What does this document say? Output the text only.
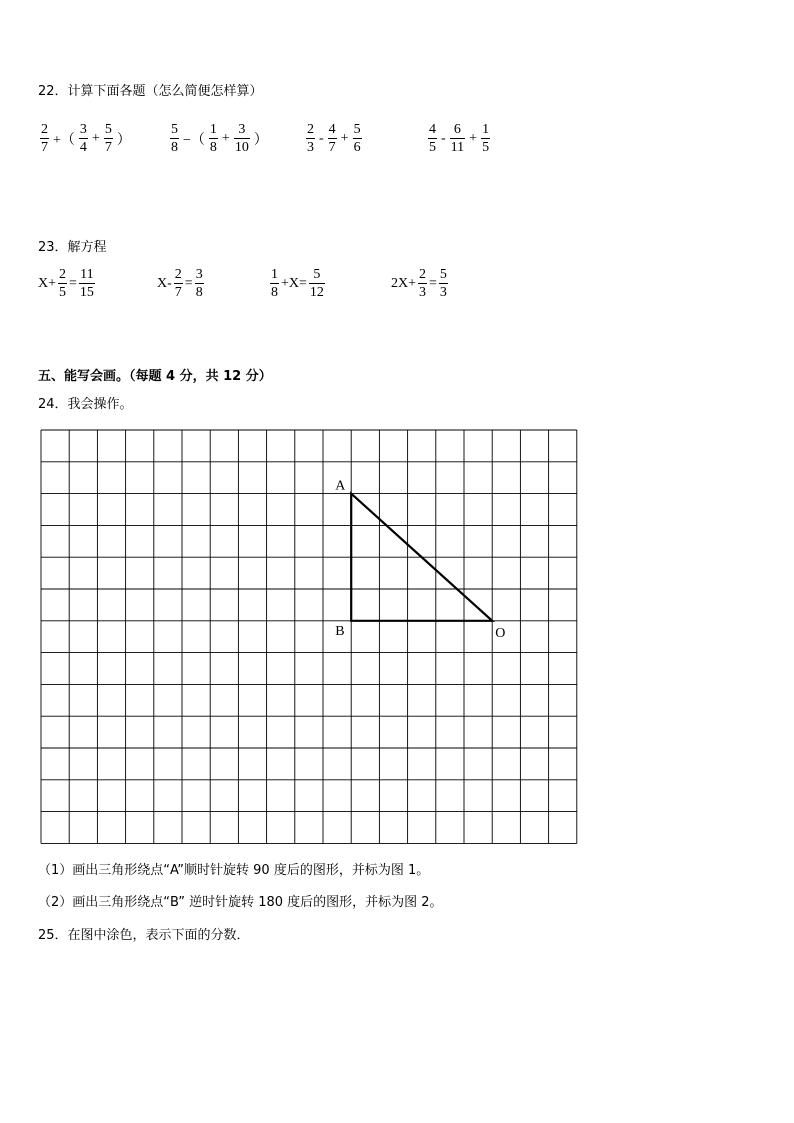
22．计算下面各题（怎么简便怎样算）
$\frac{2}{7}$ +（ $\frac{3}{4} + \frac{5}{7}$ ）	$\frac{5}{8}$ −（ $\frac{1}{8} + \frac{3}{10}$ ）	$\frac{2}{3} - \frac{4}{7} + \frac{5}{6}$	$\frac{4}{5} - \frac{6}{11} + \frac{1}{5}$
23．解方程
$X+ \frac{2}{5} = \frac{11}{15}$	$X- \frac{2}{7} = \frac{3}{8}$	$\frac{1}{8} +X= \frac{5}{12}$	$2X+ \frac{2}{3} = \frac{5}{3}$
五、能写会画。（每题 4 分，共 12 分）
24．我会操作。
A
B	O
（1）画出三角形绕点“A”顺时针旋转 90 度后的图形，并标为图 1。
（2）画出三角形绕点“B” 逆时针旋转 180 度后的图形，并标为图 2。
25．在图中涂色，表示下面的分数．
